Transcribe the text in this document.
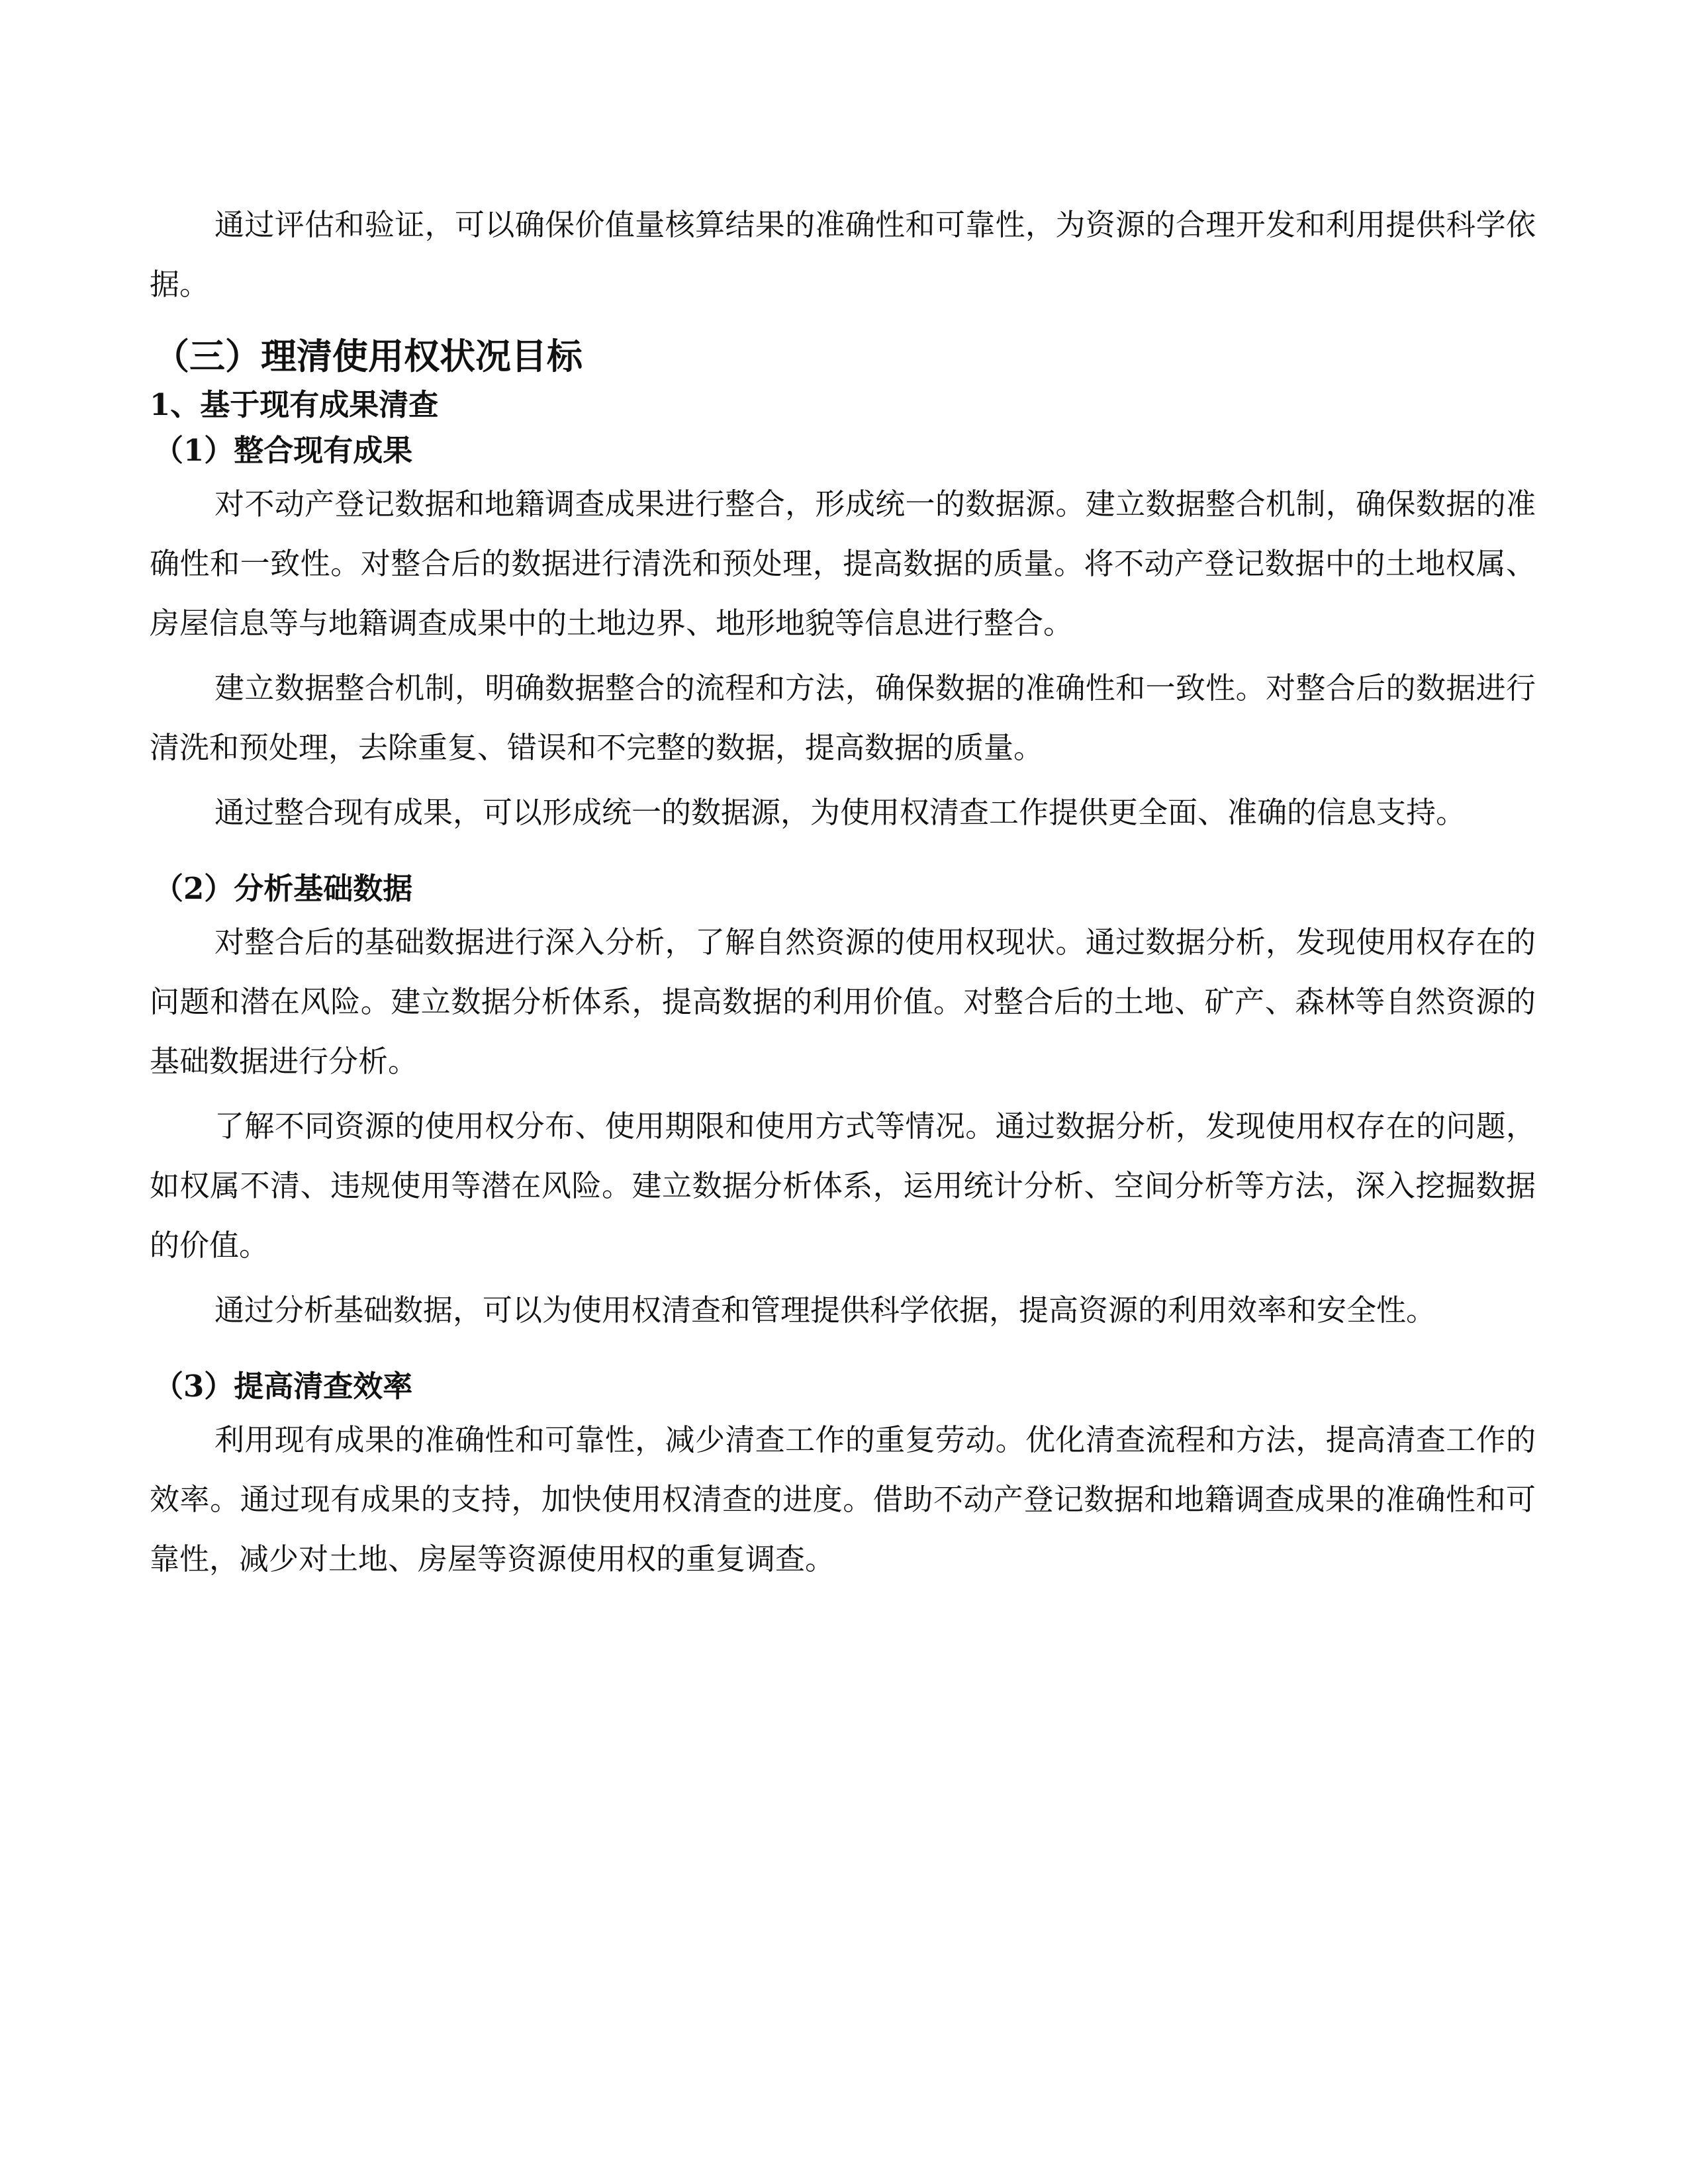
通过评估和验证，可以确保价值量核算结果的准确性和可靠性，为资源的合理开发和利用提供科学依据。

（三）理清使用权状况目标
1、基于现有成果清查
（1）整合现有成果

对不动产登记数据和地籍调查成果进行整合，形成统一的数据源。建立数据整合机制，确保数据的准确性和一致性。对整合后的数据进行清洗和预处理，提高数据的质量。将不动产登记数据中的土地权属、房屋信息等与地籍调查成果中的土地边界、地形地貌等信息进行整合。

建立数据整合机制，明确数据整合的流程和方法，确保数据的准确性和一致性。对整合后的数据进行清洗和预处理，去除重复、错误和不完整的数据，提高数据的质量。

通过整合现有成果，可以形成统一的数据源，为使用权清查工作提供更全面、准确的信息支持。

（2）分析基础数据

对整合后的基础数据进行深入分析，了解自然资源的使用权现状。通过数据分析，发现使用权存在的问题和潜在风险。建立数据分析体系，提高数据的利用价值。对整合后的土地、矿产、森林等自然资源的基础数据进行分析。

了解不同资源的使用权分布、使用期限和使用方式等情况。通过数据分析，发现使用权存在的问题，如权属不清、违规使用等潜在风险。建立数据分析体系，运用统计分析、空间分析等方法，深入挖掘数据的价值。

通过分析基础数据，可以为使用权清查和管理提供科学依据，提高资源的利用效率和安全性。

（3）提高清查效率

利用现有成果的准确性和可靠性，减少清查工作的重复劳动。优化清查流程和方法，提高清查工作的效率。通过现有成果的支持，加快使用权清查的进度。借助不动产登记数据和地籍调查成果的准确性和可靠性，减少对土地、房屋等资源使用权的重复调查。
